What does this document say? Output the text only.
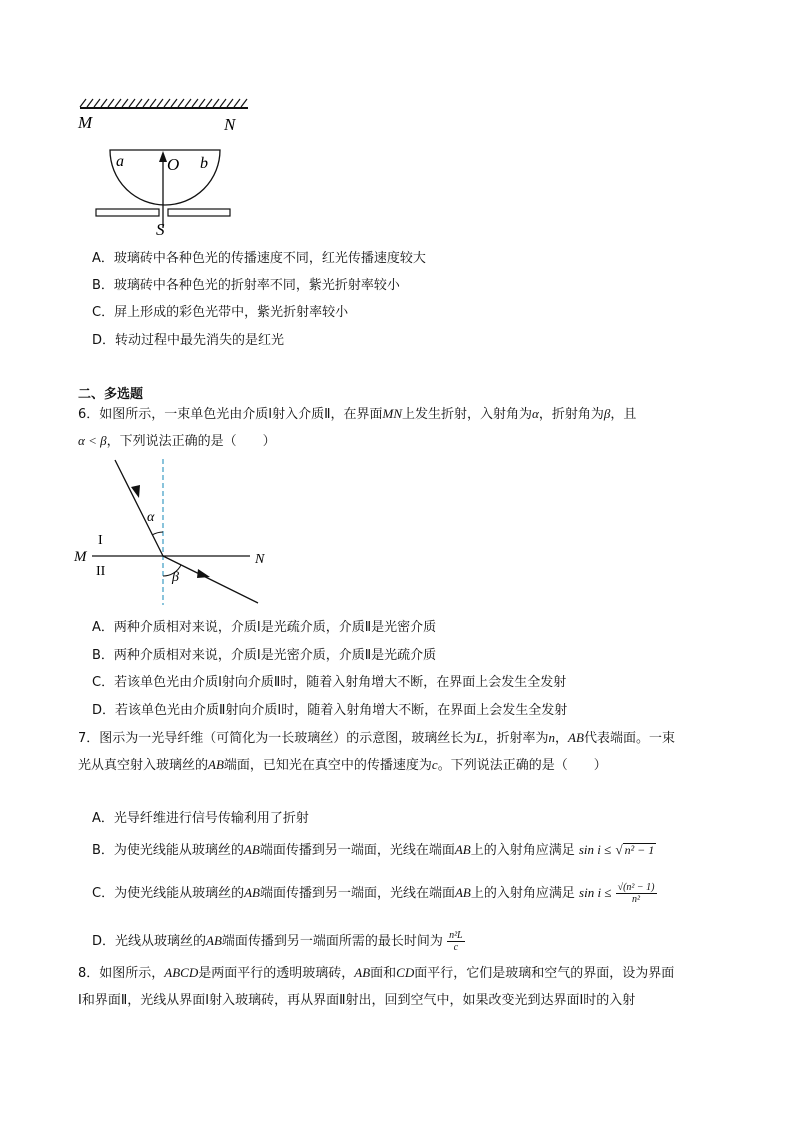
M	N
a	b
O
S
A．玻璃砖中各种色光的传播速度不同，红光传播速度较大
B．玻璃砖中各种色光的折射率不同，紫光折射率较小
C．屏上形成的彩色光带中，紫光折射率较小
D．转动过程中最先消失的是红光
二、多选题
6．如图所示，一束单色光由介质Ⅰ射入介质Ⅱ，在界面MN上发生折射，入射角为α，折射角为β，且
α < β，下列说法正确的是（　　）
α
β
M	N
I
II
A．两种介质相对来说，介质Ⅰ是光疏介质，介质Ⅱ是光密介质
B．两种介质相对来说，介质Ⅰ是光密介质，介质Ⅱ是光疏介质
C．若该单色光由介质Ⅰ射向介质Ⅱ时，随着入射角增大不断，在界面上会发生全发射
D．若该单色光由介质Ⅱ射向介质Ⅰ时，随着入射角增大不断，在界面上会发生全发射
7．图示为一光导纤维（可简化为一长玻璃丝）的示意图，玻璃丝长为L，折射率为n，AB代表端面。一束
光从真空射入玻璃丝的AB端面，已知光在真空中的传播速度为c。下列说法正确的是（　　）
A．光导纤维进行信号传输利用了折射
B．为使光线能从玻璃丝的AB端面传播到另一端面，光线在端面AB上的入射角应满足 sin i ≤ √ n² − 1
C．为使光线能从玻璃丝的AB端面传播到另一端面，光线在端面AB上的入射角应满足 $\sin i \le \frac{\text{√(n² − 1)}}{\text{n²}}$
D．光线从玻璃丝的AB端面传播到另一端面所需的最长时间为 $\frac{\text{n²L}}{c}$
8．如图所示，ABCD是两面平行的透明玻璃砖，AB面和CD面平行，它们是玻璃和空气的界面，设为界面
Ⅰ和界面Ⅱ，光线从界面Ⅰ射入玻璃砖，再从界面Ⅱ射出，回到空气中，如果改变光到达界面Ⅰ时的入射
